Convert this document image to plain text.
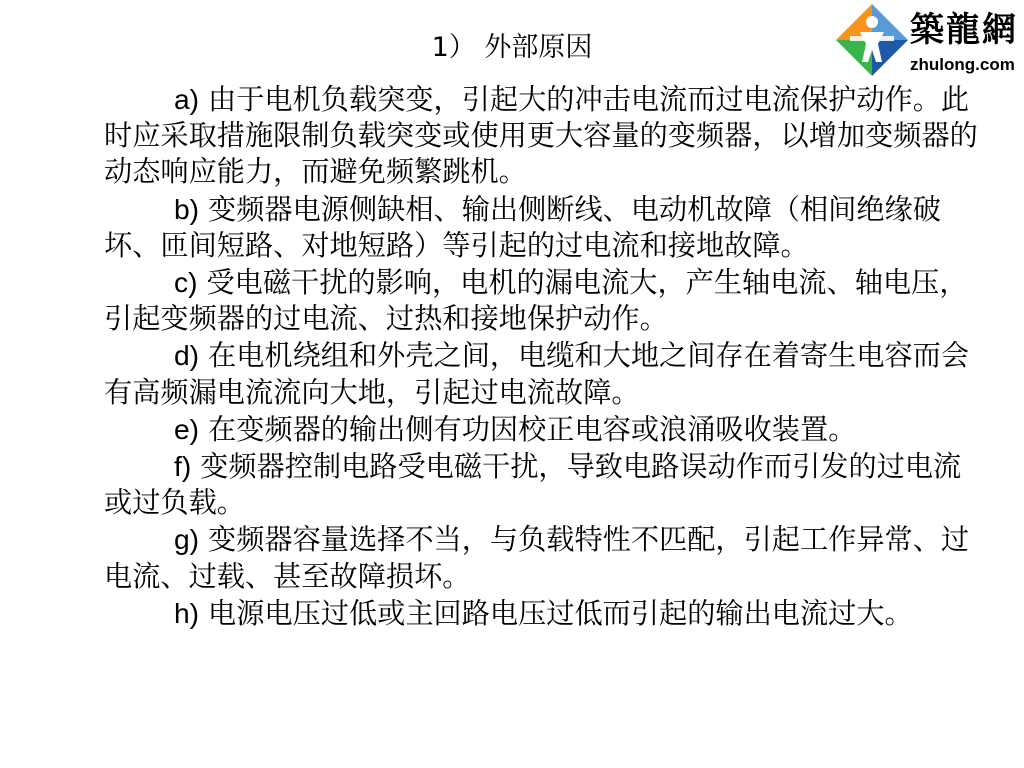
1） 外部原因	築龍網
zhulong.com

a) 由于电机负载突变，引起大的冲击电流而过电流保护动作。此时应采取措施限制负载突变或使用更大容量的变频器，以增加变频器的动态响应能力，而避免频繁跳机。

b) 变频器电源侧缺相、输出侧断线、电动机故障（相间绝缘破坏、匝间短路、对地短路）等引起的过电流和接地故障。

c) 受电磁干扰的影响，电机的漏电流大，产生轴电流、轴电压，引起变频器的过电流、过热和接地保护动作。

d) 在电机绕组和外壳之间，电缆和大地之间存在着寄生电容而会有高频漏电流流向大地，引起过电流故障。

e) 在变频器的输出侧有功因校正电容或浪涌吸收装置。

f) 变频器控制电路受电磁干扰，导致电路误动作而引发的过电流或过负载。

g) 变频器容量选择不当，与负载特性不匹配，引起工作异常、过电流、过载、甚至故障损坏。

h) 电源电压过低或主回路电压过低而引起的输出电流过大。
